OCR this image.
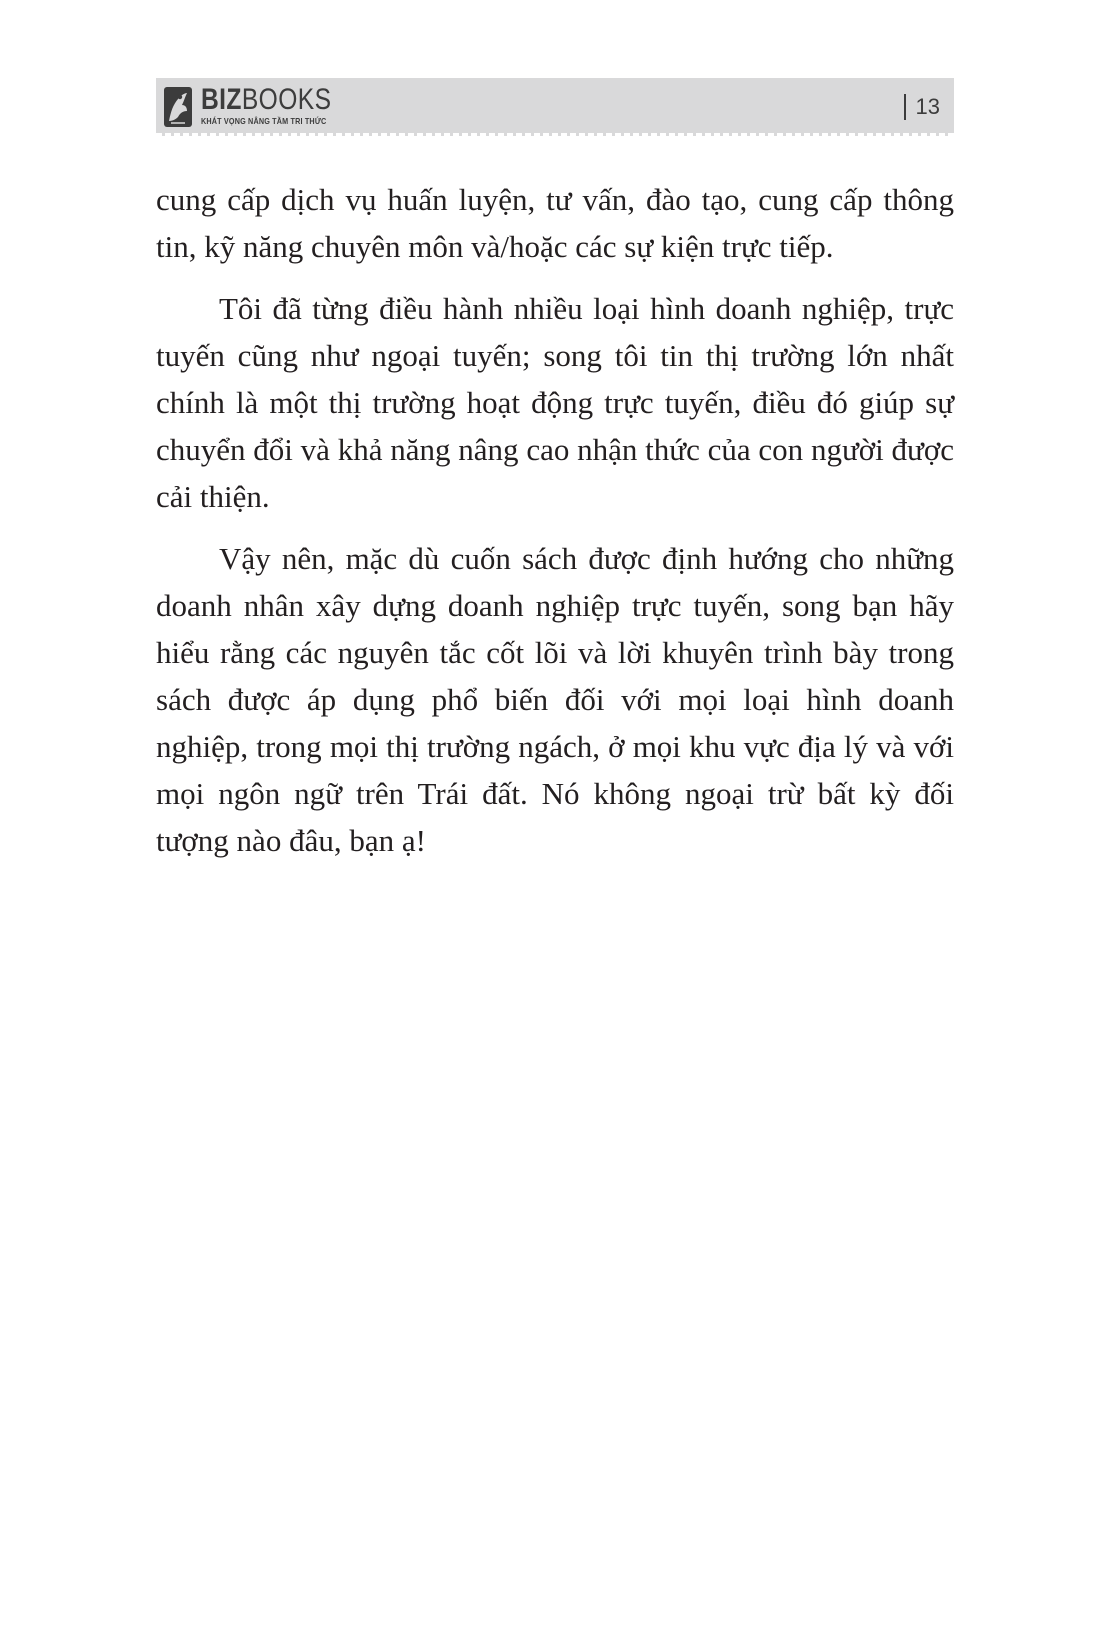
BIZBOOKS
KHÁT VỌNG NÂNG TẦM TRI THỨC
13

cung cấp dịch vụ huấn luyện, tư vấn, đào tạo, cung cấp thông tin, kỹ năng chuyên môn và/hoặc các sự kiện trực tiếp.

Tôi đã từng điều hành nhiều loại hình doanh nghiệp, trực tuyến cũng như ngoại tuyến; song tôi tin thị trường lớn nhất chính là một thị trường hoạt động trực tuyến, điều đó giúp sự chuyển đổi và khả năng nâng cao nhận thức của con người được cải thiện.

Vậy nên, mặc dù cuốn sách được định hướng cho những doanh nhân xây dựng doanh nghiệp trực tuyến, song bạn hãy hiểu rằng các nguyên tắc cốt lõi và lời khuyên trình bày trong sách được áp dụng phổ biến đối với mọi loại hình doanh nghiệp, trong mọi thị trường ngách, ở mọi khu vực địa lý và với mọi ngôn ngữ trên Trái đất. Nó không ngoại trừ bất kỳ đối tượng nào đâu, bạn ạ!
